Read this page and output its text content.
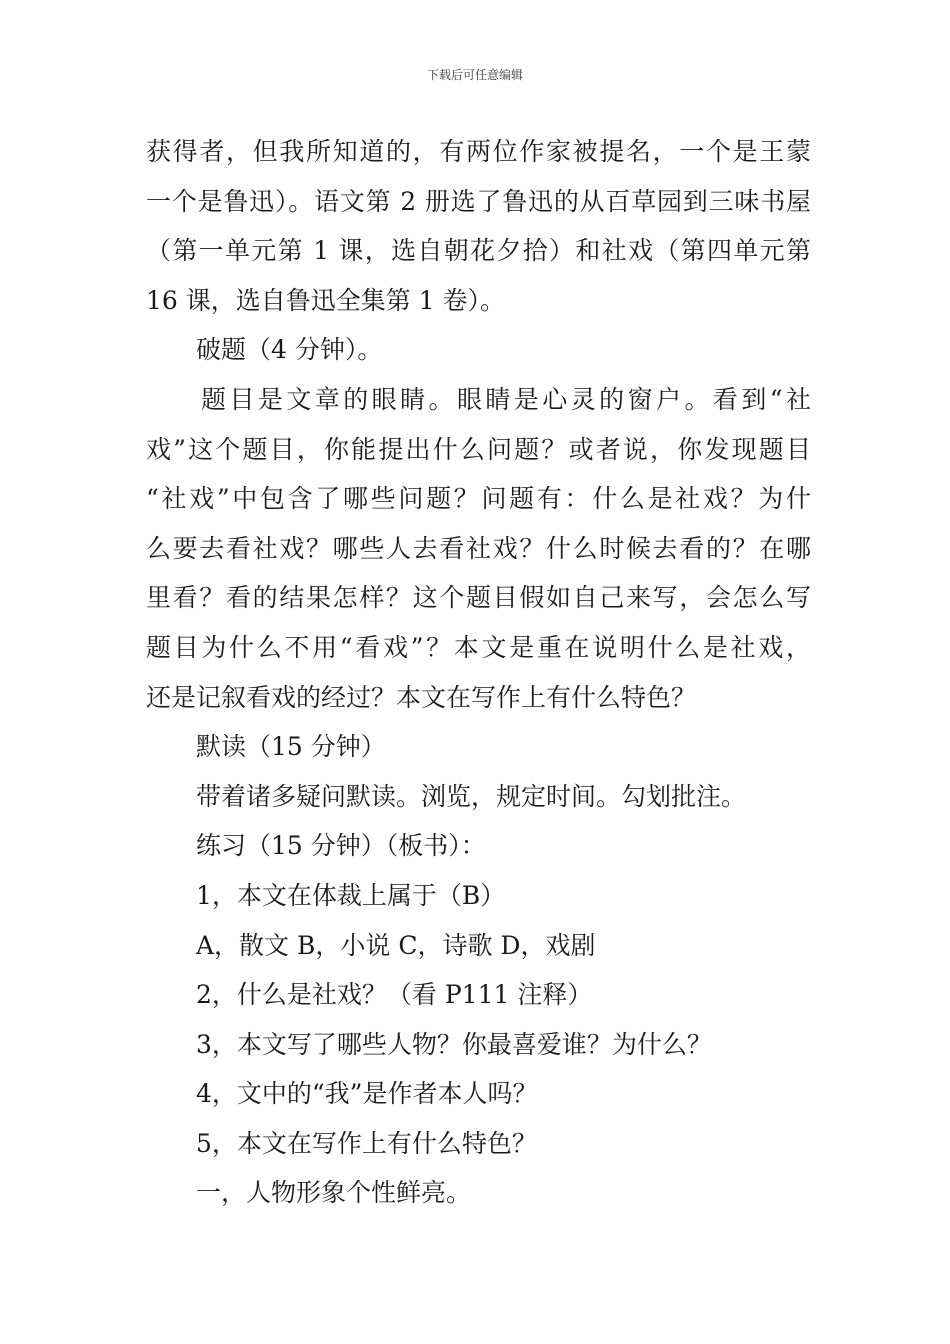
下载后可任意编辑
获得者，但我所知道的，有两位作家被提名，一个是王蒙
一个是鲁迅）。语文第 2 册选了鲁迅的从百草园到三味书屋
（第一单元第 1 课，选自朝花夕拾）和社戏（第四单元第
16 课，选自鲁迅全集第 1 卷）。
破题（4 分钟）。
题目是文章的眼睛。眼睛是心灵的窗户。看到“社
戏”这个题目，你能提出什么问题？或者说，你发现题目
“社戏”中包含了哪些问题？问题有：什么是社戏？为什
么要去看社戏？哪些人去看社戏？什么时候去看的？在哪
里看？看的结果怎样？这个题目假如自己来写，会怎么写
题目为什么不用“看戏”？本文是重在说明什么是社戏，
还是记叙看戏的经过？本文在写作上有什么特色？
默读（15 分钟）
带着诸多疑问默读。浏览，规定时间。勾划批注。
练习（15 分钟）（板书）：
1，本文在体裁上属于（B）
A，散文 B，小说 C，诗歌 D，戏剧
2，什么是社戏？（看 P111 注释）
3，本文写了哪些人物？你最喜爱谁？为什么？
4，文中的“我”是作者本人吗？
5，本文在写作上有什么特色？
一，人物形象个性鲜亮。
